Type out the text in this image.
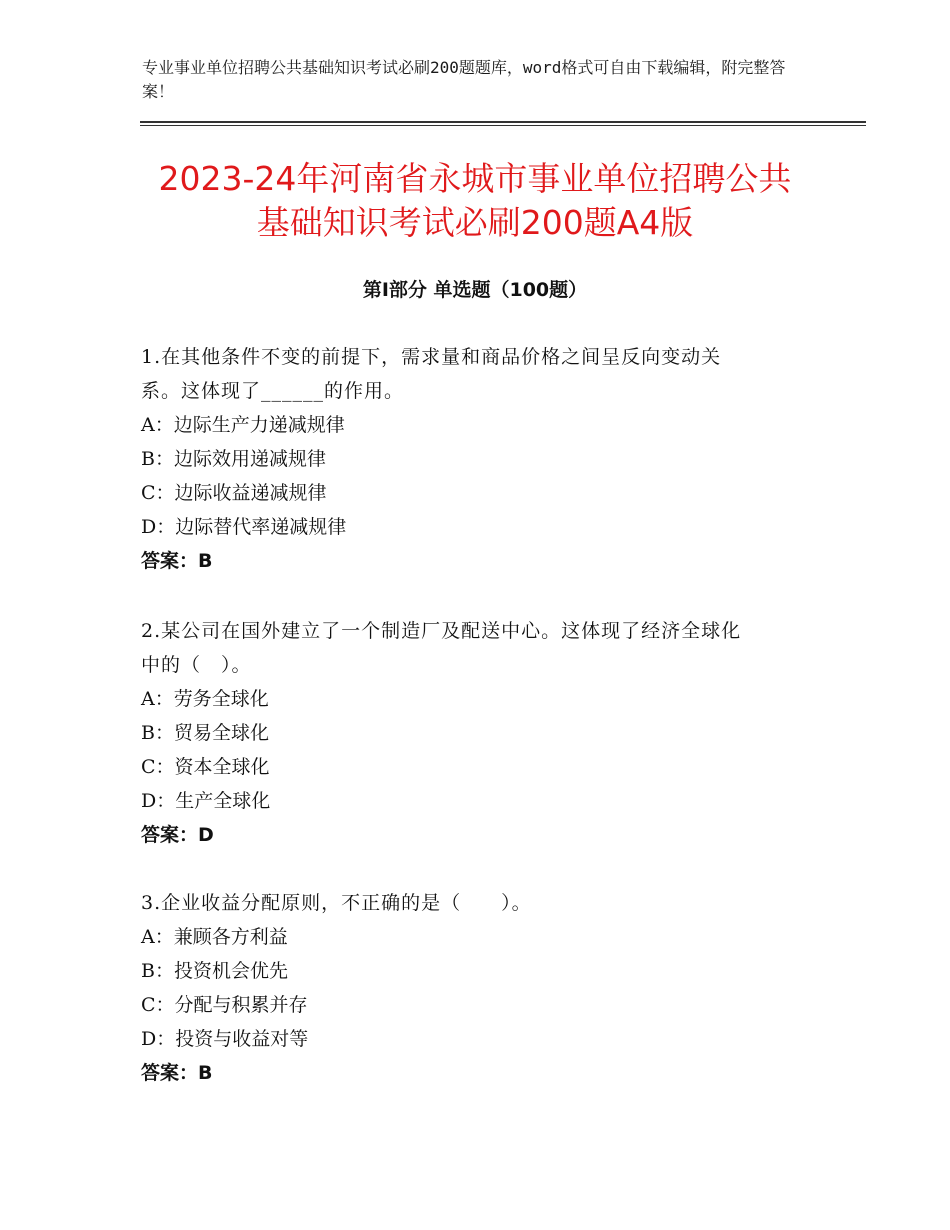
专业事业单位招聘公共基础知识考试必刷200题题库，word格式可自由下载编辑，附完整答案！
2023-24年河南省永城市事业单位招聘公共
基础知识考试必刷200题A4版
第Ⅰ部分 单选题（100题）
1.在其他条件不变的前提下，需求量和商品价格之间呈反向变动关
系。这体现了______的作用。
A：边际生产力递减规律
B：边际效用递减规律
C：边际收益递减规律
D：边际替代率递减规律
答案：B
2.某公司在国外建立了一个制造厂及配送中心。这体现了经济全球化
中的（　）。
A：劳务全球化
B：贸易全球化
C：资本全球化
D：生产全球化
答案：D
3.企业收益分配原则，不正确的是（　　）。
A：兼顾各方利益
B：投资机会优先
C：分配与积累并存
D：投资与收益对等
答案：B
